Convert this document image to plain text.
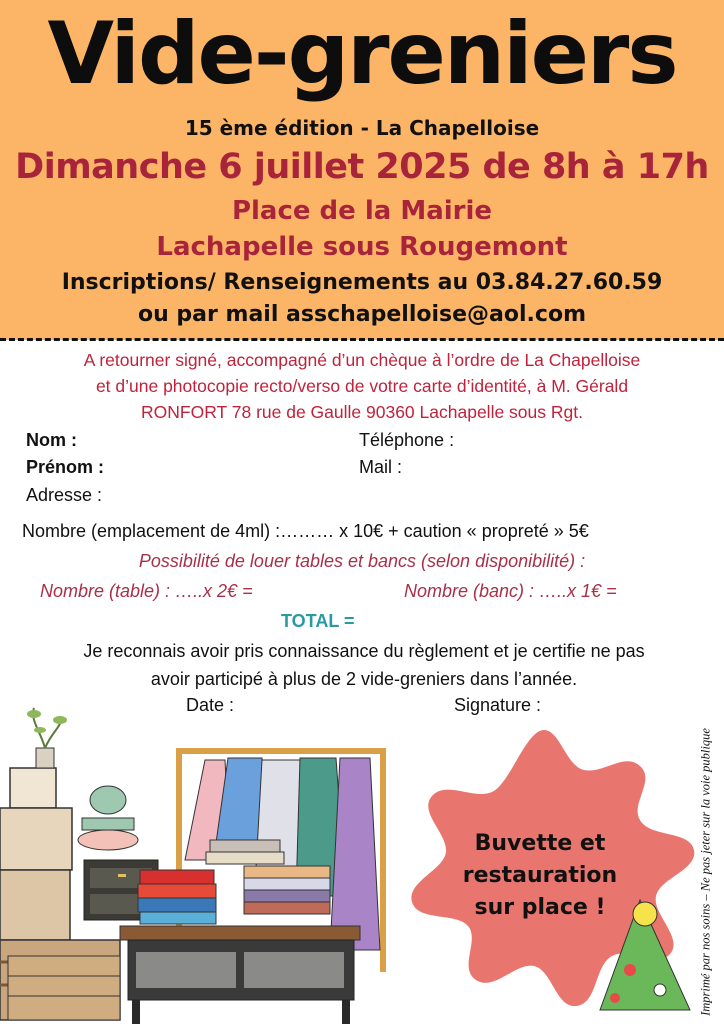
Vide-greniers
15 ème édition - La Chapelloise
Dimanche 6 juillet 2025 de 8h à 17h
Place de la Mairie
Lachapelle sous Rougemont
Inscriptions/ Renseignements au 03.84.27.60.59
ou par mail asschapelloise@aol.com
A retourner signé, accompagné d’un chèque à l’ordre de La Chapelloise
et d’une photocopie recto/verso de votre carte d’identité, à M. Gérald
RONFORT 78 rue de Gaulle 90360 Lachapelle sous Rgt.
Nom :
Prénom :
Adresse :
Téléphone :
Mail :
Nombre (emplacement de 4ml) :……… x 10€ + caution « propreté » 5€
Possibilité de louer tables et bancs (selon disponibilité) :
Nombre (table) : …..x 2€ =	Nombre (banc) : …..x 1€ =
TOTAL =
Je reconnais avoir pris connaissance du règlement et je certifie ne pas
avoir participé à plus de 2 vide-greniers dans l’année.
Date :	Signature :
Imprimé par nos soins – Ne pas jeter sur la voie publique
Buvette et
restauration
sur place !
